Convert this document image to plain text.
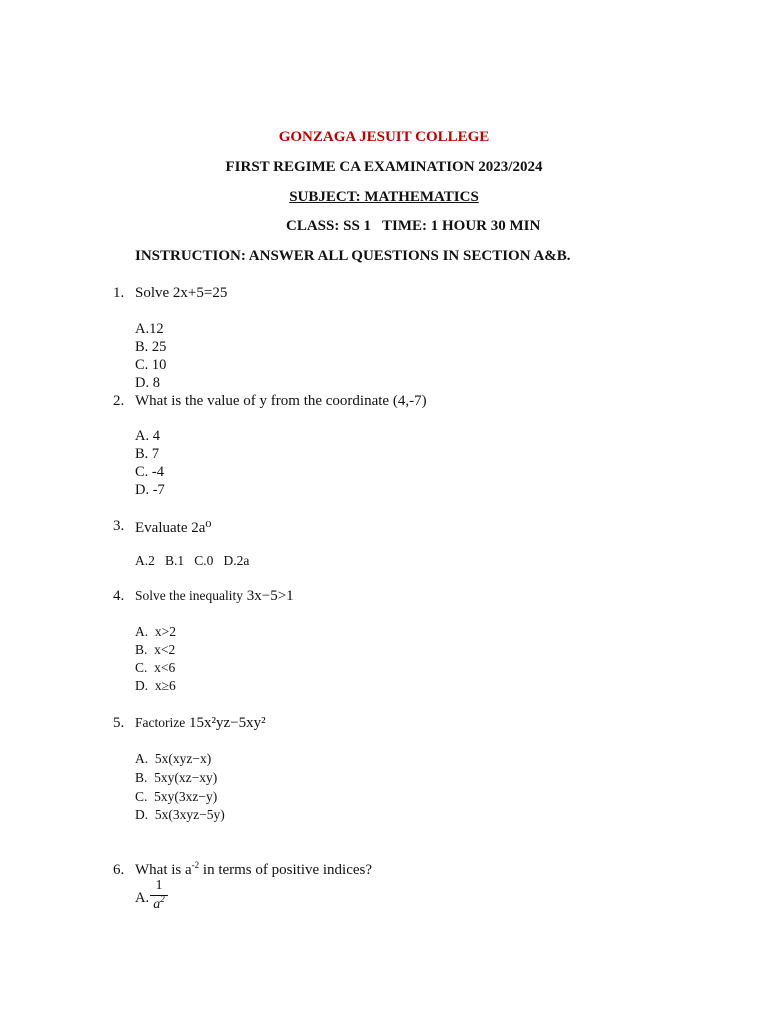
GONZAGA JESUIT COLLEGE
FIRST REGIME CA EXAMINATION 2023/2024
SUBJECT: MATHEMATICS
CLASS: SS 1   TIME: 1 HOUR 30 MIN
INSTRUCTION: ANSWER ALL QUESTIONS IN SECTION A&B.
1. Solve 2x+5=25
A.12
B. 25
C. 10
D. 8
2. What is the value of y from the coordinate (4,-7)
A. 4
B. 7
C. -4
D. -7
3. Evaluate 2a⁰
A.2   B.1   C.0   D.2a
4. Solve the inequality 3x−5>1
A. x>2
B. x<2
C. x<6
D. x≥6
5. Factorize 15x²yz−5xy²
A. 5x(xyz−x)
B. 5xy(xz−xy)
C. 5xy(3xz−y)
D. 5x(3xyz−5y)
6. What is $a^{-2}$ in terms of positive indices?
A.
1
$a^2$
